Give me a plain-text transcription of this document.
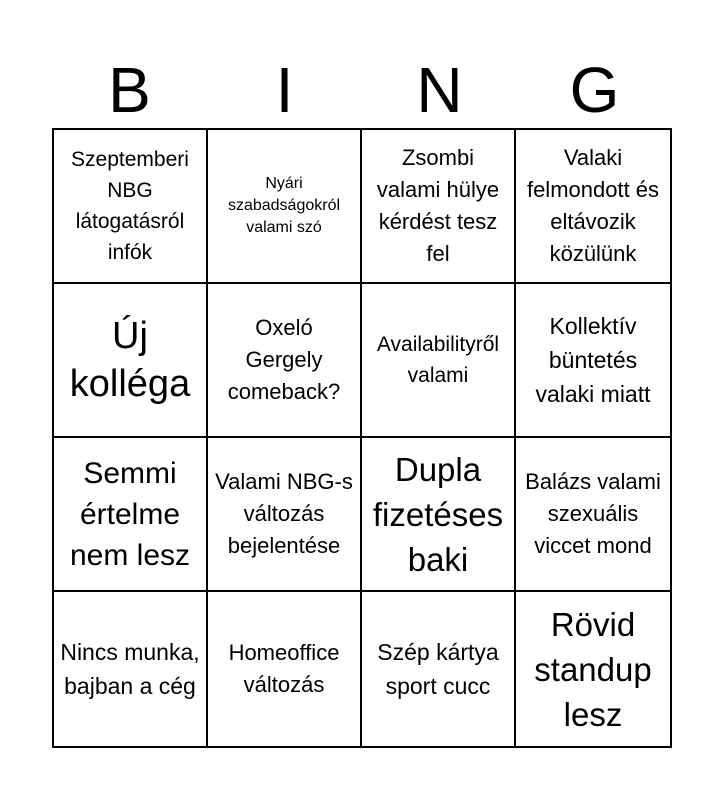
B	I	N	G
Szeptemberi NBG látogatásról infók
Nyári szabadságokról valami szó
Zsombi valami hülye kérdést tesz fel
Valaki felmondott és eltávozik közülünk
Új kolléga
Oxeló Gergely comeback?
Availabilityről valami
Kollektív büntetés valaki miatt
Semmi értelme nem lesz
Valami NBG-s változás bejelentése
Dupla fizetéses baki
Balázs valami szexuális viccet mond
Nincs munka, bajban a cég
Homeoffice változás
Szép kártya sport cucc
Rövid standup lesz
